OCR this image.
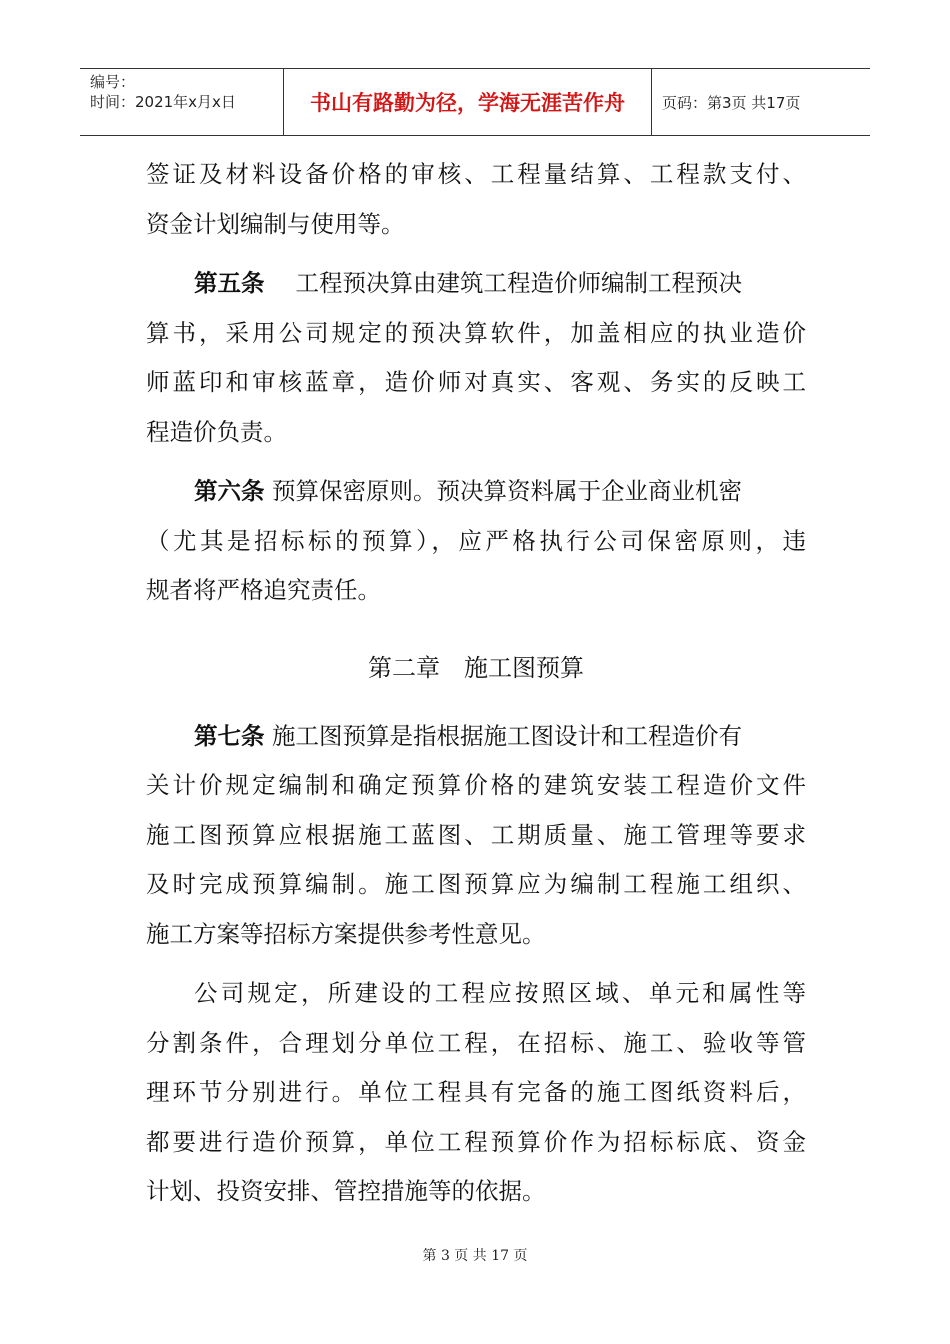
编号：
时间：2021年x月x日	书山有路勤为径，学海无涯苦作舟	页码：第3页 共17页
签证及材料设备价格的审核、工程量结算、工程款支付、
资金计划编制与使用等。
第五条　 工程预决算由建筑工程造价师编制工程预决
算书，采用公司规定的预决算软件，加盖相应的执业造价
师蓝印和审核蓝章，造价师对真实、客观、务实的反映工
程造价负责。
第六条 预算保密原则。预决算资料属于企业商业机密
（尤其是招标标的预算），应严格执行公司保密原则，违
规者将严格追究责任。
第二章　施工图预算
第七条 施工图预算是指根据施工图设计和工程造价有
关计价规定编制和确定预算价格的建筑安装工程造价文件
施工图预算应根据施工蓝图、工期质量、施工管理等要求
及时完成预算编制。施工图预算应为编制工程施工组织、
施工方案等招标方案提供参考性意见。
公司规定，所建设的工程应按照区域、单元和属性等
分割条件，合理划分单位工程，在招标、施工、验收等管
理环节分别进行。单位工程具有完备的施工图纸资料后，
都要进行造价预算，单位工程预算价作为招标标底、资金
计划、投资安排、管控措施等的依据。
第 3 页 共 17 页
